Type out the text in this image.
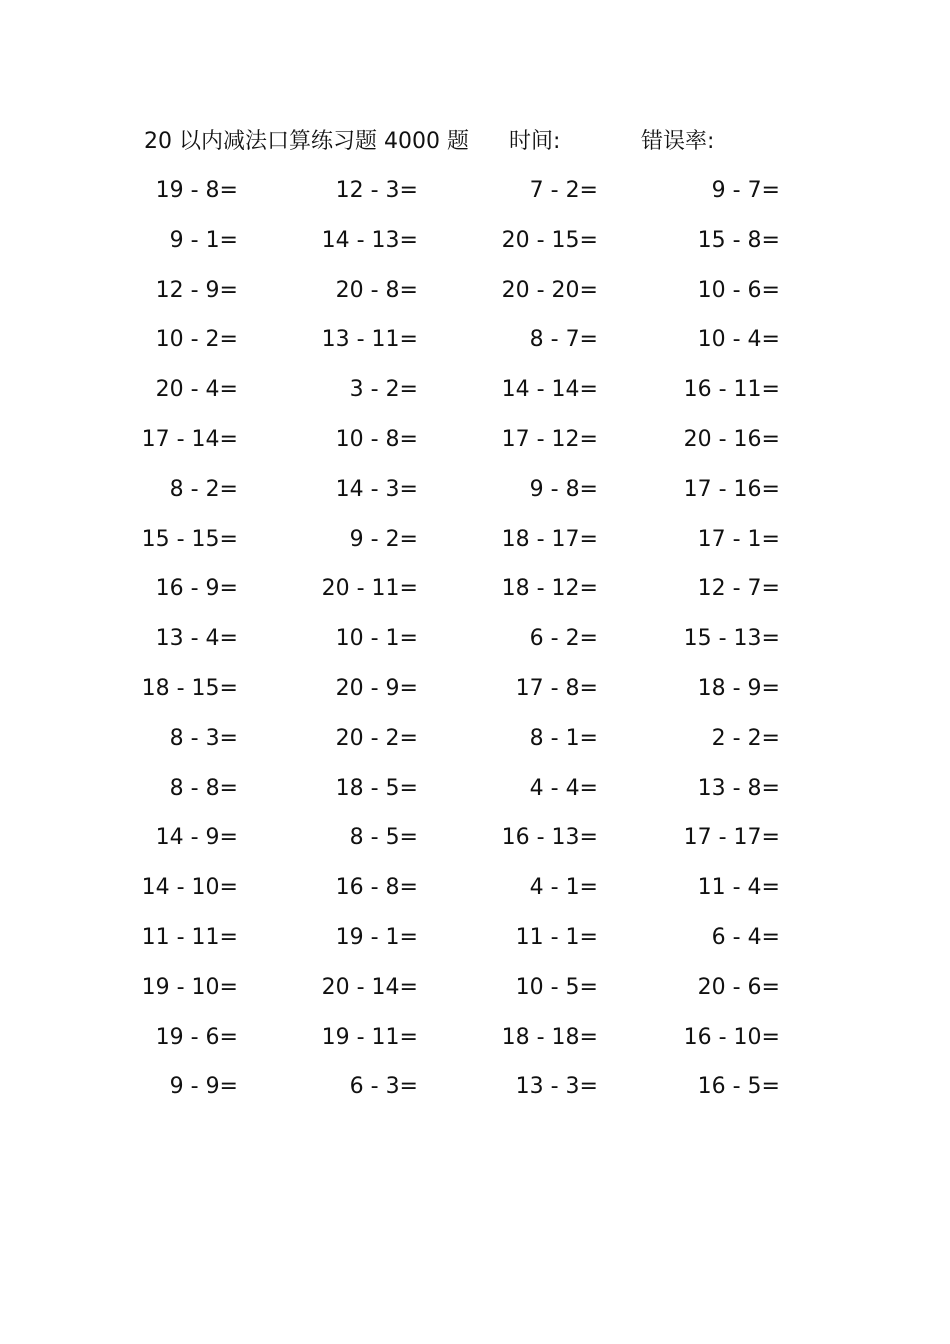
20 以内减法口算练习题 4000 题 时间:	错误率:
19 - 8=	12 - 3=	7 - 2=	9 - 7=
9 - 1=	14 - 13=	20 - 15=	15 - 8=
12 - 9=	20 - 8=	20 - 20=	10 - 6=
10 - 2=	13 - 11=	8 - 7=	10 - 4=
20 - 4=	3 - 2=	14 - 14=	16 - 11=
17 - 14=	10 - 8=	17 - 12=	20 - 16=
8 - 2=	14 - 3=	9 - 8=	17 - 16=
15 - 15=	9 - 2=	18 - 17=	17 - 1=
16 - 9=	20 - 11=	18 - 12=	12 - 7=
13 - 4=	10 - 1=	6 - 2=	15 - 13=
18 - 15=	20 - 9=	17 - 8=	18 - 9=
8 - 3=	20 - 2=	8 - 1=	2 - 2=
8 - 8=	18 - 5=	4 - 4=	13 - 8=
14 - 9=	8 - 5=	16 - 13=	17 - 17=
14 - 10=	16 - 8=	4 - 1=	11 - 4=
11 - 11=	19 - 1=	11 - 1=	6 - 4=
19 - 10=	20 - 14=	10 - 5=	20 - 6=
19 - 6=	19 - 11=	18 - 18=	16 - 10=
9 - 9=	6 - 3=	13 - 3=	16 - 5=
